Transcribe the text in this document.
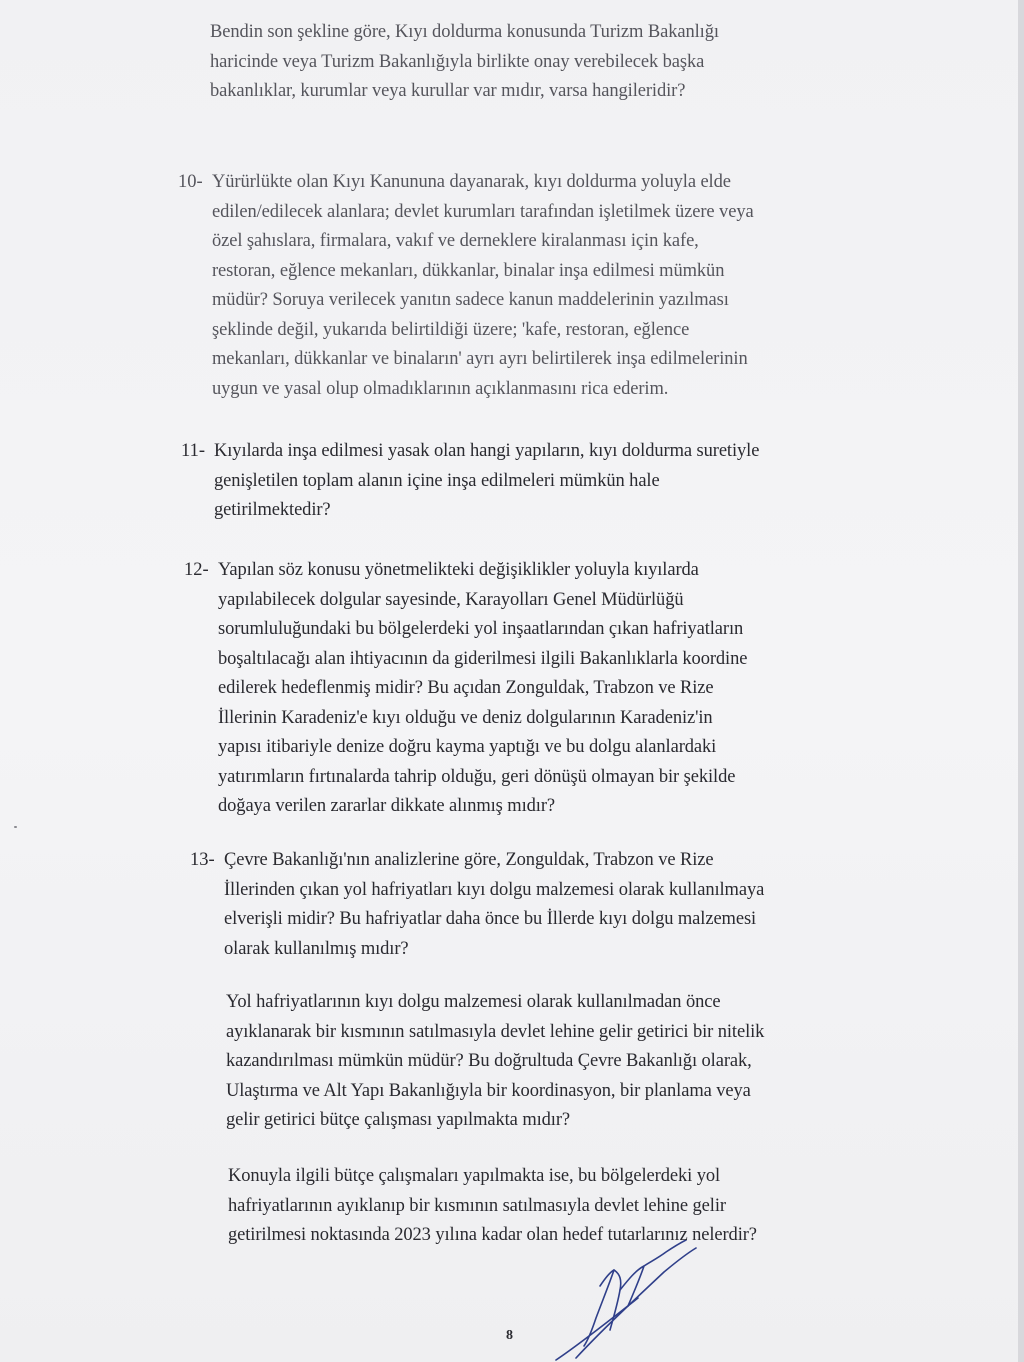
Bendin son şekline göre, Kıyı doldurma konusunda Turizm Bakanlığı
haricinde veya Turizm Bakanlığıyla birlikte onay verebilecek başka
bakanlıklar, kurumlar veya kurullar var mıdır, varsa hangileridir?
10- Yürürlükte olan Kıyı Kanununa dayanarak, kıyı doldurma yoluyla elde
edilen/edilecek alanlara; devlet kurumları tarafından işletilmek üzere veya
özel şahıslara, firmalara, vakıf ve derneklere kiralanması için kafe,
restoran, eğlence mekanları, dükkanlar, binalar inşa edilmesi mümkün
müdür? Soruya verilecek yanıtın sadece kanun maddelerinin yazılması
şeklinde değil, yukarıda belirtildiği üzere; 'kafe, restoran, eğlence
mekanları, dükkanlar ve binaların' ayrı ayrı belirtilerek inşa edilmelerinin
uygun ve yasal olup olmadıklarının açıklanmasını rica ederim.
11- Kıyılarda inşa edilmesi yasak olan hangi yapıların, kıyı doldurma suretiyle
genişletilen toplam alanın içine inşa edilmeleri mümkün hale
getirilmektedir?
12- Yapılan söz konusu yönetmelikteki değişiklikler yoluyla kıyılarda
yapılabilecek dolgular sayesinde, Karayolları Genel Müdürlüğü
sorumluluğundaki bu bölgelerdeki yol inşaatlarından çıkan hafriyatların
boşaltılacağı alan ihtiyacının da giderilmesi ilgili Bakanlıklarla koordine
edilerek hedeflenmiş midir? Bu açıdan Zonguldak, Trabzon ve Rize
İllerinin Karadeniz'e kıyı olduğu ve deniz dolgularının Karadeniz'in
yapısı itibariyle denize doğru kayma yaptığı ve bu dolgu alanlardaki
yatırımların fırtınalarda tahrip olduğu, geri dönüşü olmayan bir şekilde
doğaya verilen zararlar dikkate alınmış mıdır?
13- Çevre Bakanlığı'nın analizlerine göre, Zonguldak, Trabzon ve Rize
İllerinden çıkan yol hafriyatları kıyı dolgu malzemesi olarak kullanılmaya
elverişli midir? Bu hafriyatlar daha önce bu İllerde kıyı dolgu malzemesi
olarak kullanılmış mıdır?
Yol hafriyatlarının kıyı dolgu malzemesi olarak kullanılmadan önce
ayıklanarak bir kısmının satılmasıyla devlet lehine gelir getirici bir nitelik
kazandırılması mümkün müdür? Bu doğrultuda Çevre Bakanlığı olarak,
Ulaştırma ve Alt Yapı Bakanlığıyla bir koordinasyon, bir planlama veya
gelir getirici bütçe çalışması yapılmakta mıdır?
Konuyla ilgili bütçe çalışmaları yapılmakta ise, bu bölgelerdeki yol
hafriyatlarının ayıklanıp bir kısmının satılmasıyla devlet lehine gelir
getirilmesi noktasında 2023 yılına kadar olan hedef tutarlarınız nelerdir?
8
